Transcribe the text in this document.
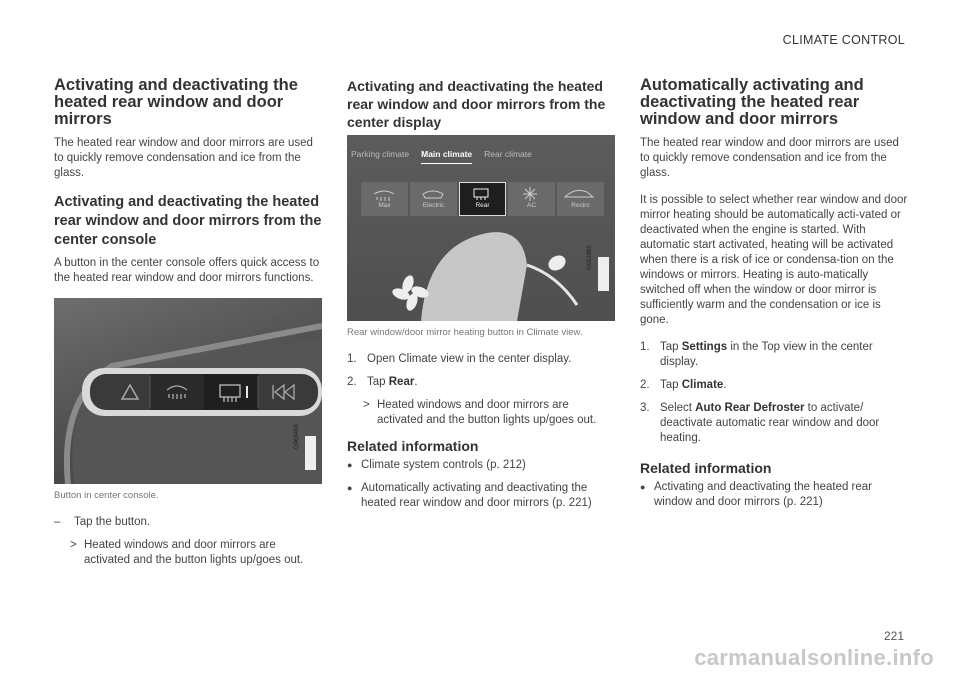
CLIMATE CONTROL
Activating and deactivating the heated rear window and door mirrors

The heated rear window and door mirrors are used to quickly remove condensation and ice from the glass.

Activating and deactivating the heated rear window and door mirrors from the center console

A button in the center console offers quick access to the heated rear window and door mirrors functions.

Button in center console.
–	Tap the button.
> Heated windows and door mirrors are activated and the button lights up/goes out.
Activating and deactivating the heated rear window and door mirrors from the center display
Parking climate Main climate Rear climate
Max	Electric	Rear	AC	Recirc
G051865
Rear window/door mirror heating button in Climate view.
1. Open Climate view in the center display.
2. Tap Rear.
> Heated windows and door mirrors are activated and the button lights up/goes out.
Related information
● Climate system controls (p. 212)
● Automatically activating and deactivating the heated rear window and door mirrors (p. 221)
Automatically activating and deactivating the heated rear window and door mirrors

The heated rear window and door mirrors are used to quickly remove condensation and ice from the glass.

It is possible to select whether rear window and door mirror heating should be automatically acti-vated or deactivated when the engine is started. With automatic start activated, heating will be activated when there is a risk of ice or condensa-tion on the windows or mirrors. Heating is auto-matically switched off when the window or door mirror is sufficiently warm and the condensation or ice is gone.

1. Tap Settings in the Top view in the center display.
2. Tap Climate.
3. Select Auto Rear Defroster to activate/ deactivate automatic rear window and door heating.
Related information
● Activating and deactivating the heated rear window and door mirrors (p. 221)
221
carmanualsonline.info
